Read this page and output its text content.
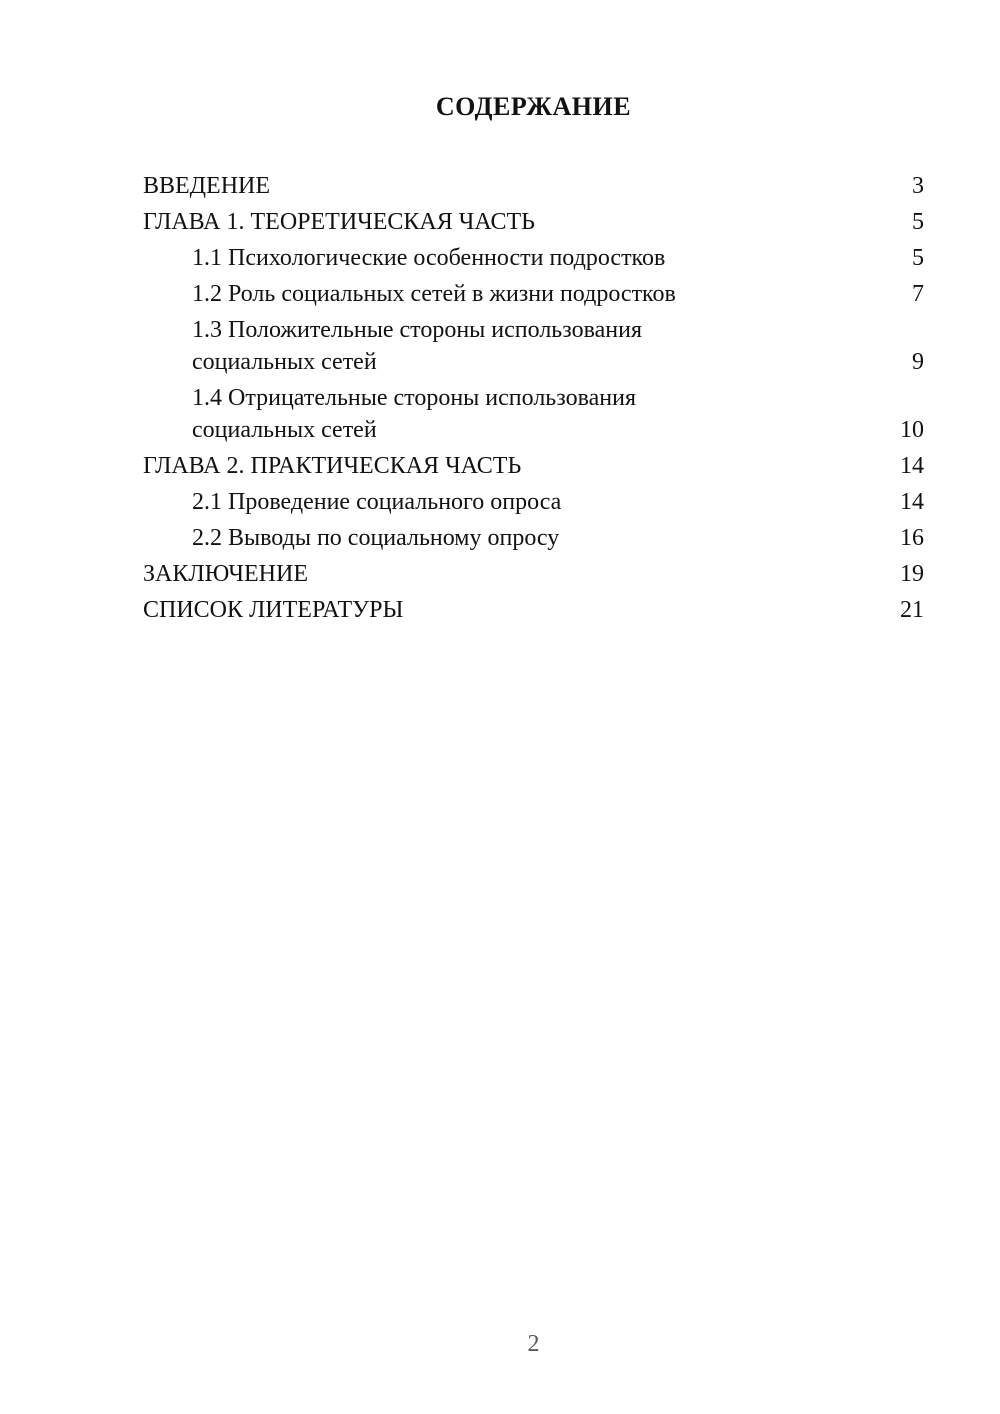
СОДЕРЖАНИЕ
ВВЕДЕНИЕ	3
ГЛАВА 1. ТЕОРЕТИЧЕСКАЯ ЧАСТЬ	5
1.1 Психологические особенности подростков	5
1.2 Роль социальных сетей в жизни подростков	7
1.3 Положительные стороны использования социальных сетей	9
1.4 Отрицательные стороны использования социальных сетей	10
ГЛАВА 2. ПРАКТИЧЕСКАЯ ЧАСТЬ	14
2.1 Проведение социального опроса	14
2.2 Выводы по социальному опросу	16
ЗАКЛЮЧЕНИЕ	19
СПИСОК ЛИТЕРАТУРЫ	21
2
